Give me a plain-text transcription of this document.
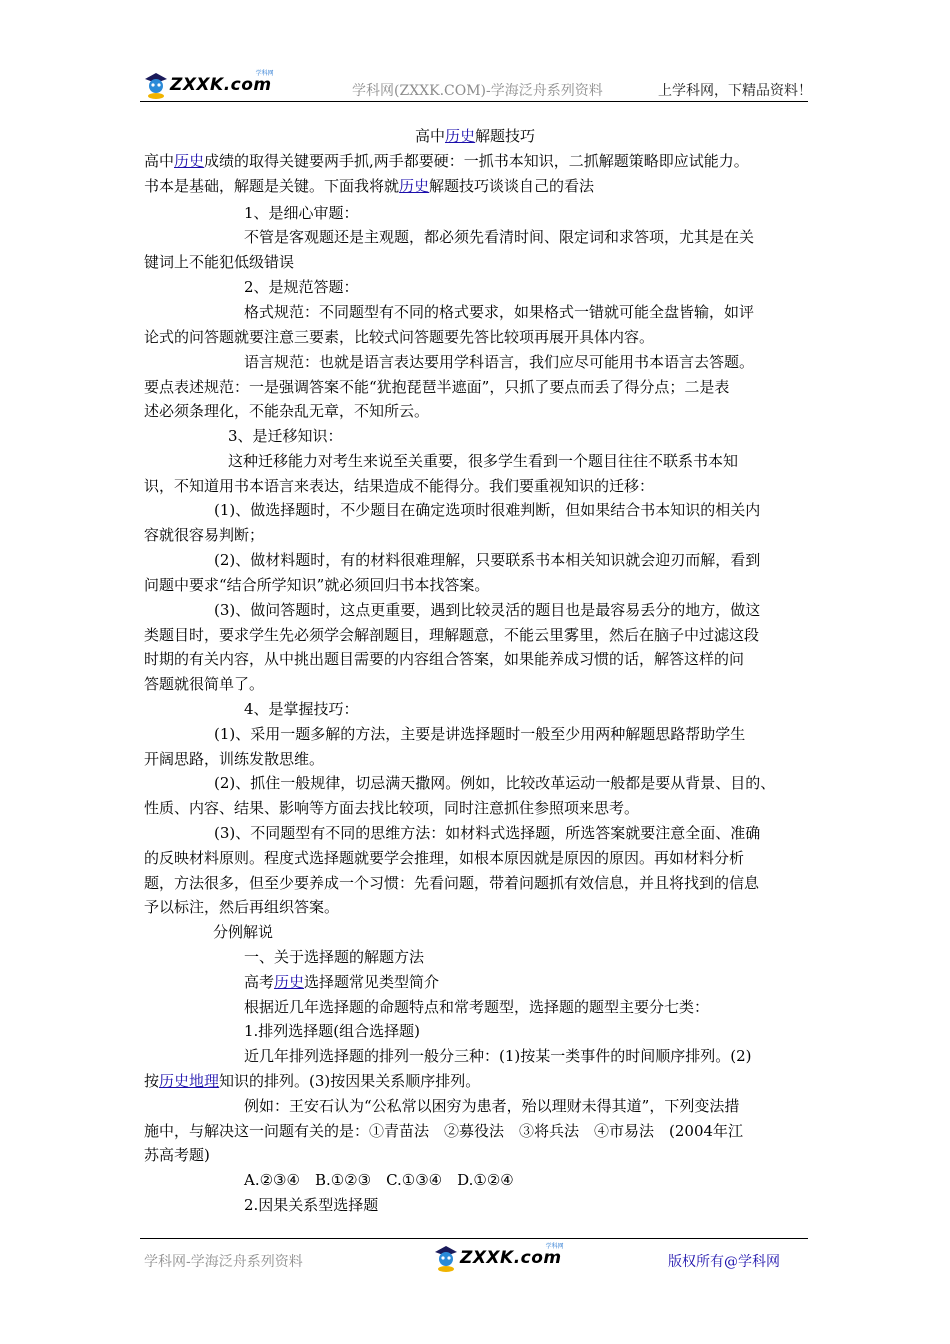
ZXXK.com
学科网
学科网(ZXXK.COM)-学海泛舟系列资料	上学科网，下精品资料！
高中历史解题技巧
高中历史成绩的取得关键要两手抓,两手都要硬：一抓书本知识，二抓解题策略即应试能力。
书本是基础，解题是关键。下面我将就历史解题技巧谈谈自己的看法
1、是细心审题：
不管是客观题还是主观题，都必须先看清时间、限定词和求答项，尤其是在关
键词上不能犯低级错误
2、是规范答题：
格式规范：不同题型有不同的格式要求，如果格式一错就可能全盘皆输，如评
论式的问答题就要注意三要素，比较式问答题要先答比较项再展开具体内容。
语言规范：也就是语言表达要用学科语言，我们应尽可能用书本语言去答题。
要点表述规范：一是强调答案不能“犹抱琵琶半遮面”，只抓了要点而丢了得分点；二是表
述必须条理化，不能杂乱无章，不知所云。
3、是迁移知识：
这种迁移能力对考生来说至关重要，很多学生看到一个题目往往不联系书本知
识，不知道用书本语言来表达，结果造成不能得分。我们要重视知识的迁移：
(1)、做选择题时，不少题目在确定选项时很难判断，但如果结合书本知识的相关内
容就很容易判断；
(2)、做材料题时，有的材料很难理解，只要联系书本相关知识就会迎刃而解，看到
问题中要求“结合所学知识”就必须回归书本找答案。
(3)、做问答题时，这点更重要，遇到比较灵活的题目也是最容易丢分的地方，做这
类题目时，要求学生先必须学会解剖题目，理解题意，不能云里雾里，然后在脑子中过滤这段
时期的有关内容，从中挑出题目需要的内容组合答案，如果能养成习惯的话，解答这样的问
答题就很简单了。
4、是掌握技巧：
(1)、采用一题多解的方法，主要是讲选择题时一般至少用两种解题思路帮助学生
开阔思路，训练发散思维。
(2)、抓住一般规律，切忌满天撒网。例如，比较改革运动一般都是要从背景、目的、
性质、内容、结果、影响等方面去找比较项，同时注意抓住参照项来思考。
(3)、不同题型有不同的思维方法：如材料式选择题，所选答案就要注意全面、准确
的反映材料原则。程度式选择题就要学会推理，如根本原因就是原因的原因。再如材料分析
题，方法很多，但至少要养成一个习惯：先看问题，带着问题抓有效信息，并且将找到的信息
予以标注，然后再组织答案。
分例解说
一、关于选择题的解题方法
高考历史选择题常见类型简介
根据近几年选择题的命题特点和常考题型，选择题的题型主要分七类：
1.排列选择题(组合选择题)
近几年排列选择题的排列一般分三种：(1)按某一类事件的时间顺序排列。(2)
按历史地理知识的排列。(3)按因果关系顺序排列。
例如：王安石认为“公私常以困穷为患者，殆以理财未得其道”，下列变法措
施中，与解决这一问题有关的是：①青苗法　②募役法　③将兵法　④市易法　(2004年江
苏高考题)
A.②③④　B.①②③　C.①③④　D.①②④
2.因果关系型选择题
学科网-学海泛舟系列资料	ZXXK.com
学科网
版权所有@学科网
